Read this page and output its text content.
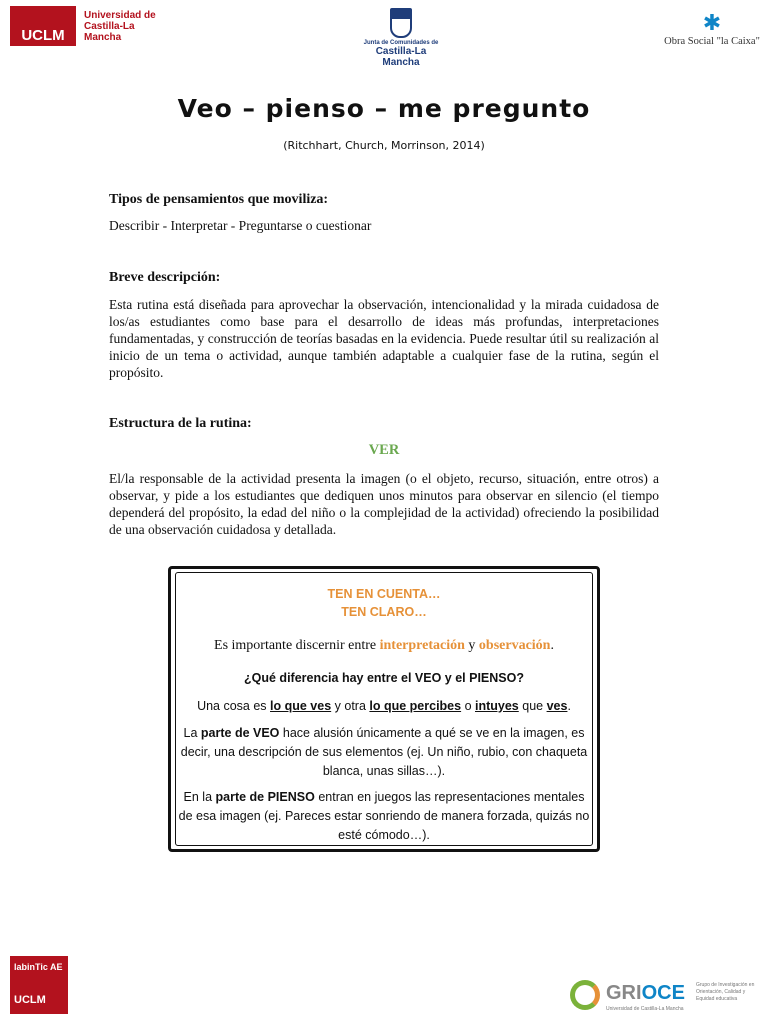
UCLM
Universidad de Castilla-La Mancha	Junta de Comunidades de
Castilla-La Mancha
✱
Obra Social "la Caixa"
Veo – pienso – me pregunto
(Ritchhart, Church, Morrinson, 2014)
Tipos de pensamientos que moviliza:
Describir - Interpretar - Preguntarse o cuestionar
Breve descripción:
Esta rutina está diseñada para aprovechar la observación, intencionalidad y la mirada cuidadosa de los/as estudiantes como base para el desarrollo de ideas más profundas, interpretaciones fundamentadas, y construcción de teorías basadas en la evidencia. Puede resultar útil su realización al inicio de un tema o actividad, aunque también adaptable a cualquier fase de la rutina, según el propósito.
Estructura de la rutina:
VER
El/la responsable de la actividad presenta la imagen (o el objeto, recurso, situación, entre otros) a observar, y pide a los estudiantes que dediquen unos minutos para observar en silencio (el tiempo dependerá del propósito, la edad del niño o la complejidad de la actividad) ofreciendo la posibilidad de una observación cuidadosa y detallada.
TEN EN CUENTA…
TEN CLARO…
Es importante discernir entre interpretación y observación.
¿Qué diferencia hay entre el VEO y el PIENSO?
Una cosa es lo que ves y otra lo que percibes o intuyes que ves.
La parte de VEO hace alusión únicamente a qué se ve en la imagen, es decir, una descripción de sus elementos (ej. Un niño, rubio, con chaqueta blanca, unas sillas…).
En la parte de PIENSO entran en juegos las representaciones mentales de esa imagen (ej. Pareces estar sonriendo de manera forzada, quizás no esté cómodo…).
labinTic AE
UCLM	GRIOCE
Universidad de Castilla-La Mancha
Grupo de Investigación en Orientación, Calidad y Equidad educativa
